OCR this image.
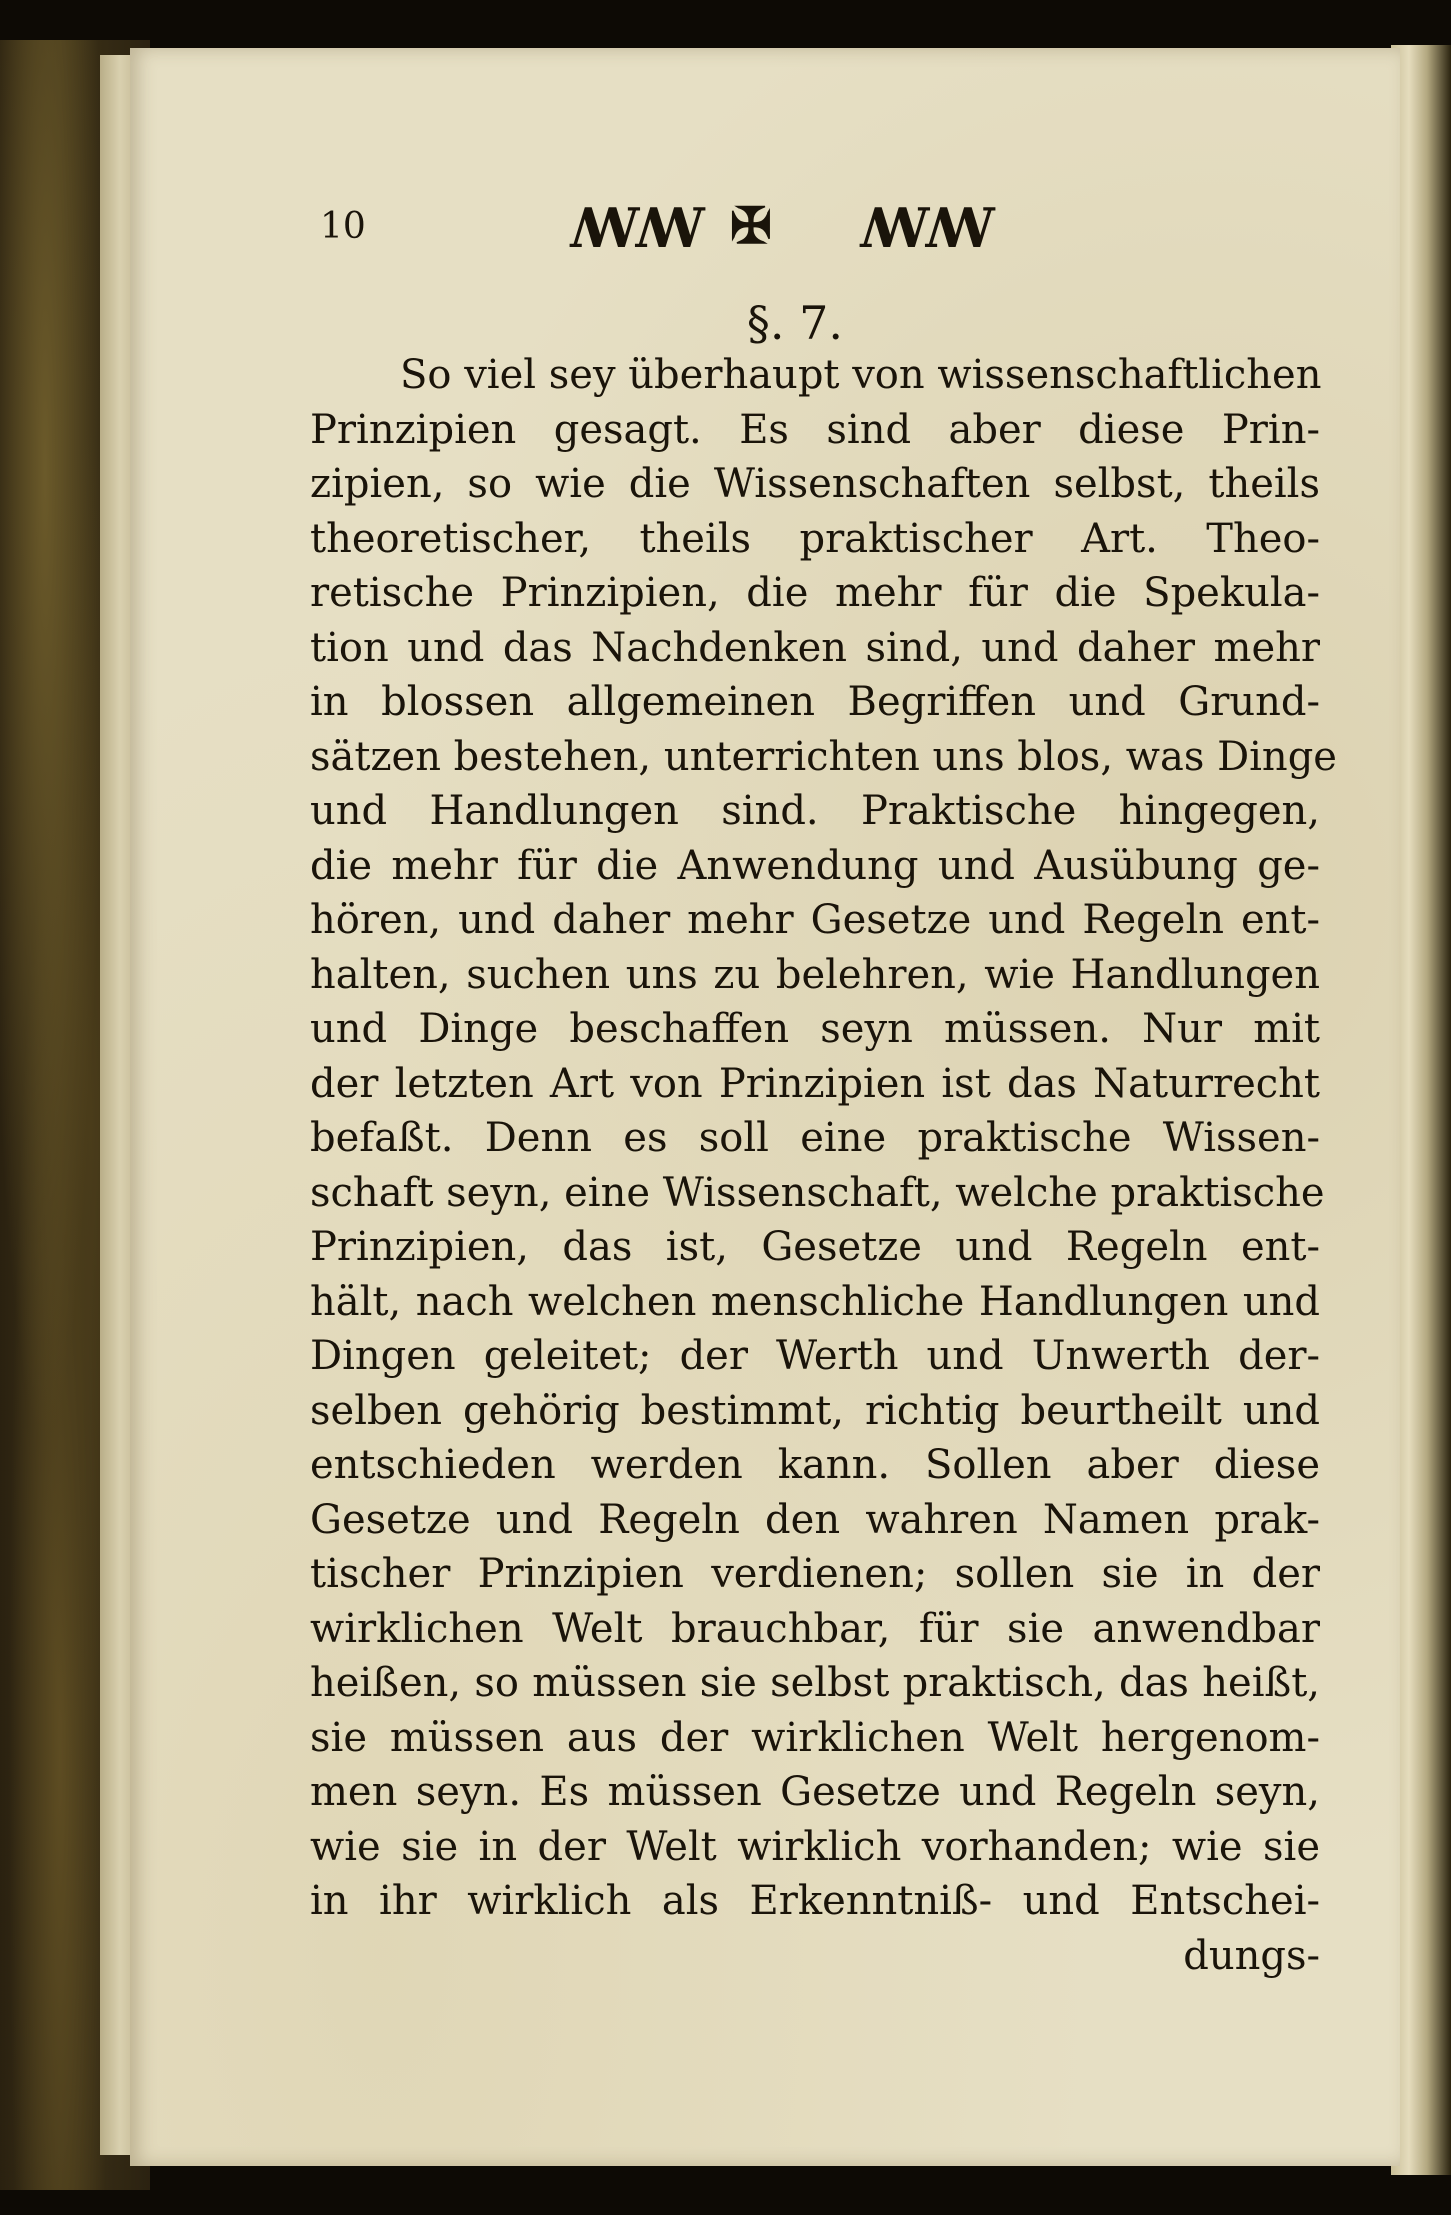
10	ꟿꟿ ✠ ꟿꟿ
§. 7.
So viel sey überhaupt von wissenschaftlichen
Prinzipien gesagt. Es sind aber diese Prin-
zipien, so wie die Wissenschaften selbst, theils
theoretischer, theils praktischer Art. Theo-
retische Prinzipien, die mehr für die Spekula-
tion und das Nachdenken sind, und daher mehr
in blossen allgemeinen Begriffen und Grund-
sätzen bestehen, unterrichten uns blos, was Dinge
und Handlungen sind. Praktische hingegen,
die mehr für die Anwendung und Ausübung ge-
hören, und daher mehr Gesetze und Regeln ent-
halten, suchen uns zu belehren, wie Handlungen
und Dinge beschaffen seyn müssen. Nur mit
der letzten Art von Prinzipien ist das Naturrecht
befaßt. Denn es soll eine praktische Wissen-
schaft seyn, eine Wissenschaft, welche praktische
Prinzipien, das ist, Gesetze und Regeln ent-
hält, nach welchen menschliche Handlungen und
Dingen geleitet; der Werth und Unwerth der-
selben gehörig bestimmt, richtig beurtheilt und
entschieden werden kann. Sollen aber diese
Gesetze und Regeln den wahren Namen prak-
tischer Prinzipien verdienen; sollen sie in der
wirklichen Welt brauchbar, für sie anwendbar
heißen, so müssen sie selbst praktisch, das heißt,
sie müssen aus der wirklichen Welt hergenom-
men seyn. Es müssen Gesetze und Regeln seyn,
wie sie in der Welt wirklich vorhanden; wie sie
in ihr wirklich als Erkenntniß- und Entschei-
dungs-
